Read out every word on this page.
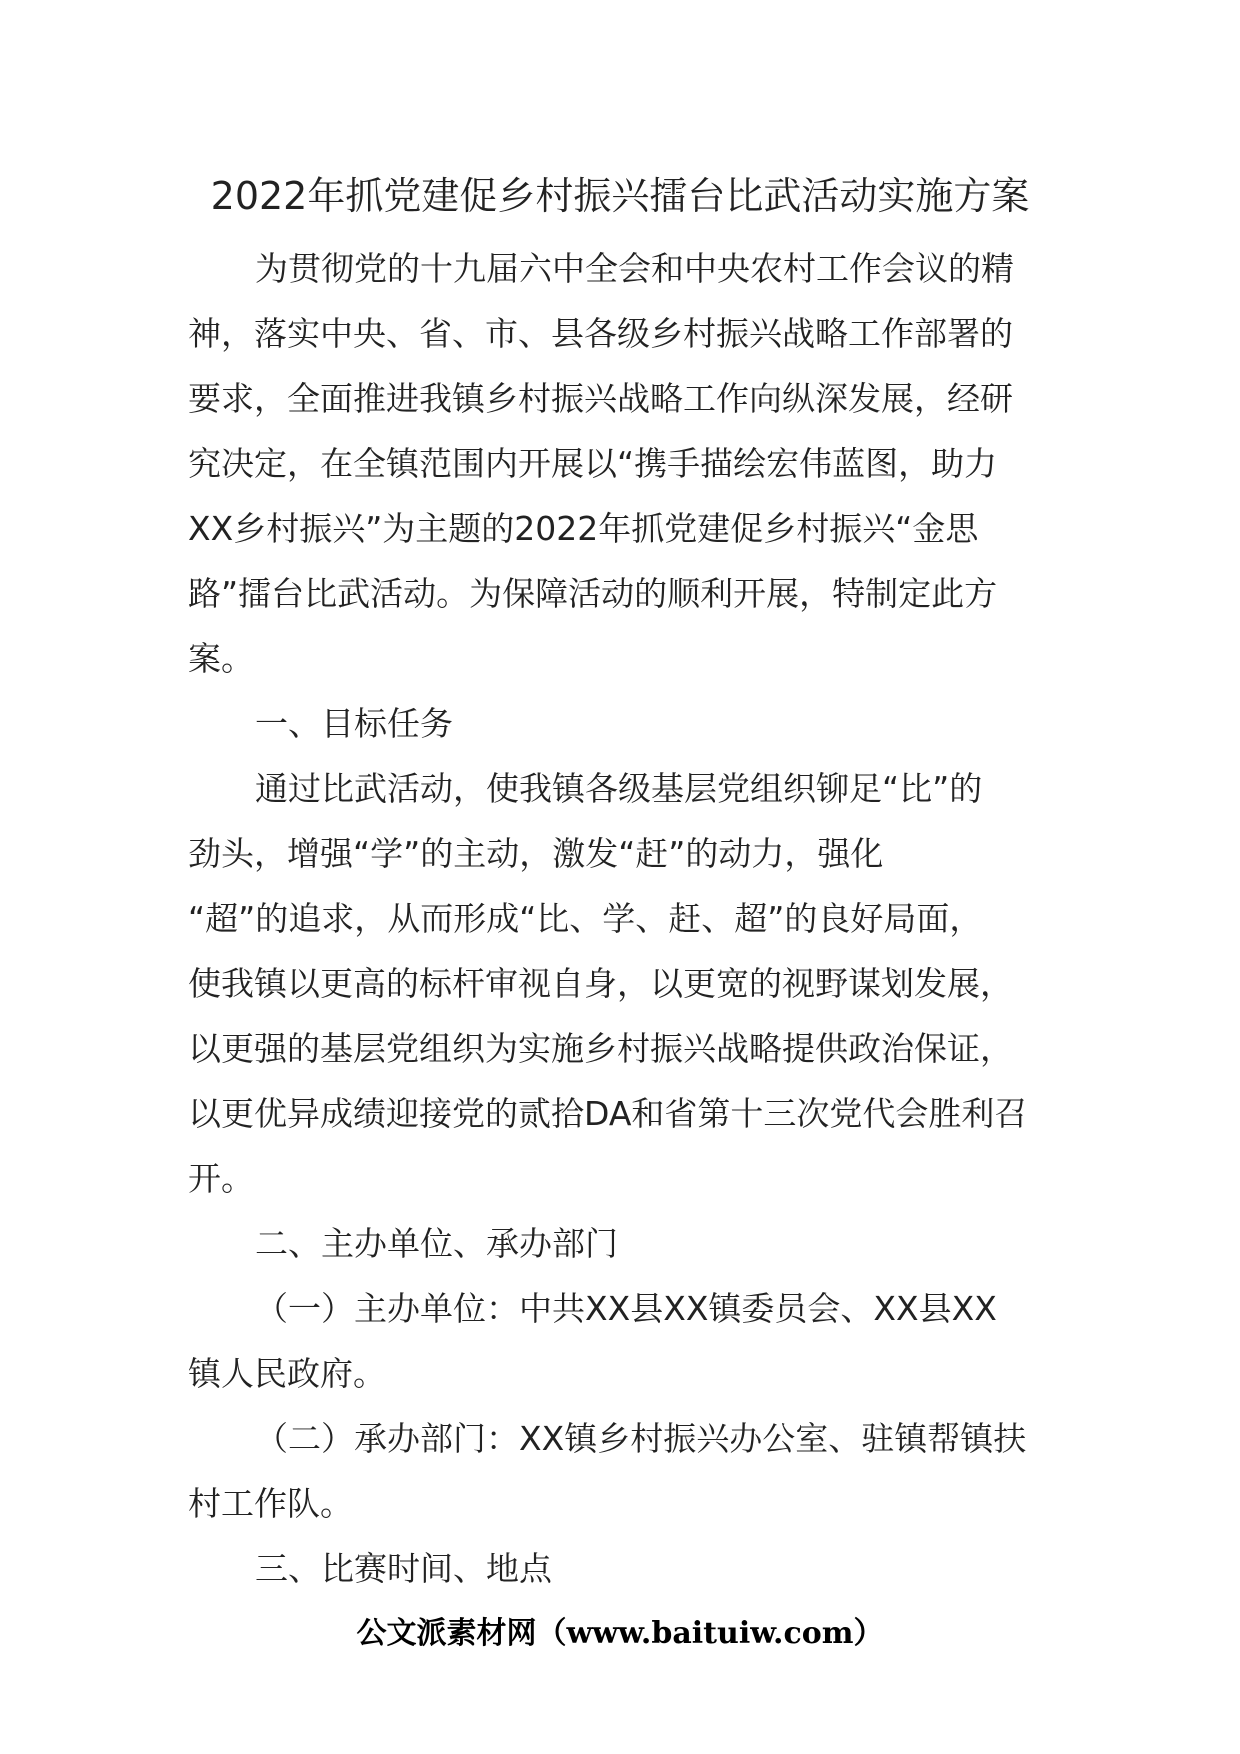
2022年抓党建促乡村振兴擂台比武活动实施方案

为贯彻党的十九届六中全会和中央农村工作会议的精
神，落实中央、省、市、县各级乡村振兴战略工作部署的
要求，全面推进我镇乡村振兴战略工作向纵深发展，经研
究决定，在全镇范围内开展以“携手描绘宏伟蓝图，助力
XX乡村振兴”为主题的2022年抓党建促乡村振兴“金思
路”擂台比武活动。为保障活动的顺利开展，特制定此方
案。

一、目标任务

通过比武活动，使我镇各级基层党组织铆足“比”的
劲头，增强“学”的主动，激发“赶”的动力，强化
“超”的追求，从而形成“比、学、赶、超”的良好局面，
使我镇以更高的标杆审视自身，以更宽的视野谋划发展，
以更强的基层党组织为实施乡村振兴战略提供政治保证，
以更优异成绩迎接党的贰拾DA和省第十三次党代会胜利召
开。

二、主办单位、承办部门

（一）主办单位：中共XX县XX镇委员会、XX县XX
镇人民政府。

（二）承办部门：XX镇乡村振兴办公室、驻镇帮镇扶
村工作队。

三、比赛时间、地点

公文派素材网（www.baituiw.com）
